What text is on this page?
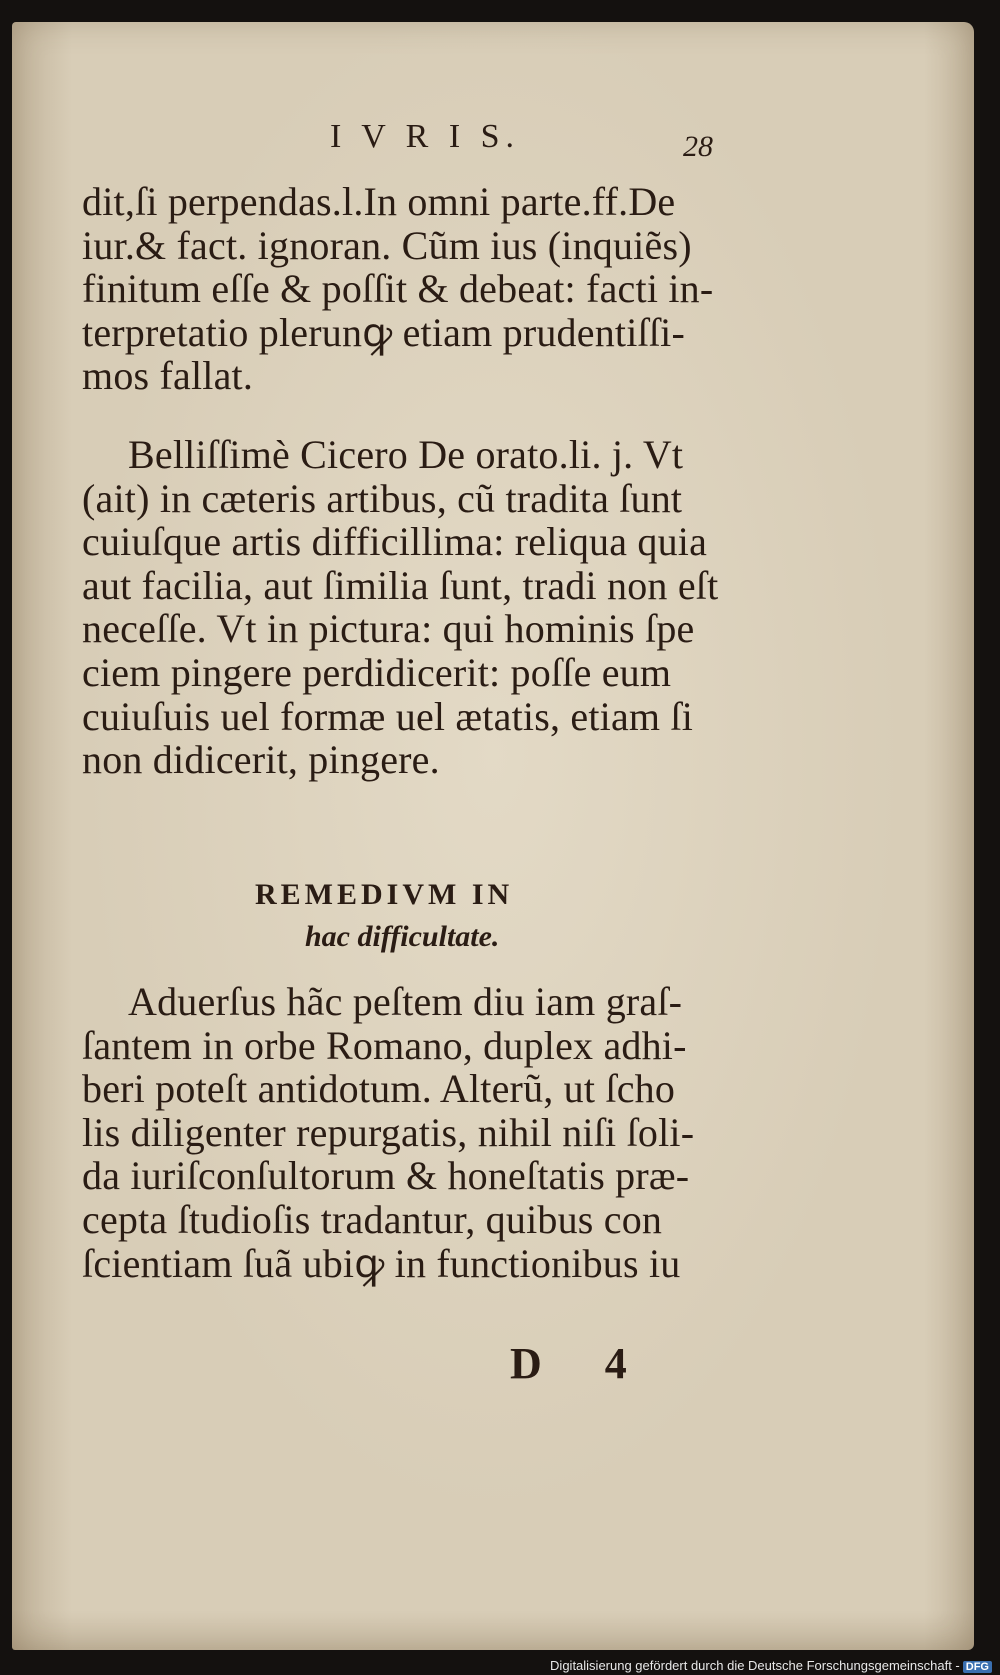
I V R I S.	28
dit,ſi perpendas.l.In omni parte.ff.De
iur.& fact. ignoran. Cũm ius (inquiẽs)
finitum eſſe & poſſit & debeat: facti in-
terpretatio plerunꝙ etiam prudentiſſi-
mos fallat.
Belliſſimè Cicero De orato.li. j. Vt
(ait) in cæteris artibus, cũ tradita ſunt
cuiuſque artis difficillima: reliqua quia
aut facilia, aut ſimilia ſunt, tradi non eſt
neceſſe. Vt in pictura: qui hominis ſpe
ciem pingere perdidicerit: poſſe eum
cuiuſuis uel formæ uel ætatis, etiam ſi
non didicerit, pingere.
REMEDIVM IN
hac difficultate.
Aduerſus hãc peſtem diu iam graſ-
ſantem in orbe Romano, duplex adhi-
beri poteſt antidotum. Alterũ, ut ſcho
lis diligenter repurgatis, nihil niſi ſoli-
da iuriſconſultorum & honeſtatis præ-
cepta ſtudioſis tradantur, quibus con
ſcientiam ſuã ubiꝙ in functionibus iu
D 4
Digitalisierung gefördert durch die Deutsche Forschungsgemeinschaft - DFG
